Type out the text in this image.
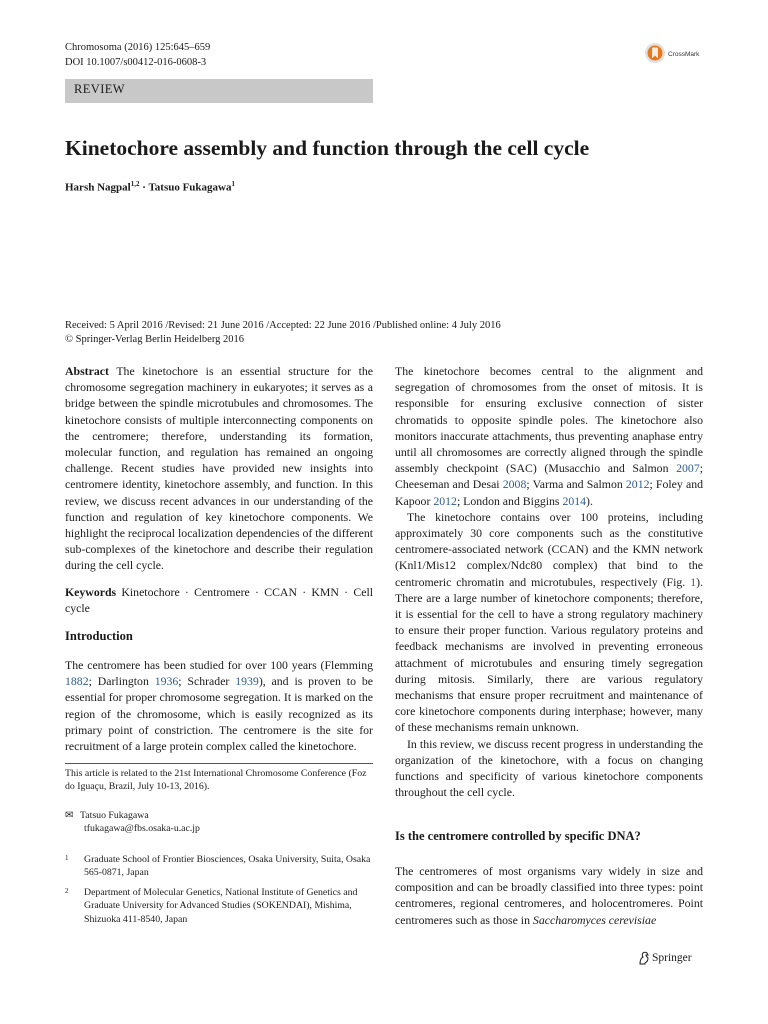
Chromosoma (2016) 125:645–659
DOI 10.1007/s00412-016-0608-3
CrossMark
REVIEW
Kinetochore assembly and function through the cell cycle
Harsh Nagpal$^{1,2}$ · Tatsuo Fukagawa$^1$
Received: 5 April 2016 /Revised: 21 June 2016 /Accepted: 22 June 2016 /Published online: 4 July 2016
© Springer-Verlag Berlin Heidelberg 2016

Abstract The kinetochore is an essential structure for the chromosome segregation machinery in eukaryotes; it serves as a bridge between the spindle microtubules and chromosomes. The kinetochore consists of multiple interconnecting components on the centromere; therefore, understanding its formation, molecular function, and regulation has remained an ongoing challenge. Recent studies have provided new insights into centromere identity, kinetochore assembly, and function. In this review, we discuss recent advances in our understanding of the function and regulation of key kinetochore components. We highlight the reciprocal localization dependencies of the different sub-complexes of the kinetochore and describe their regulation during the cell cycle.

Keywords Kinetochore · Centromere · CCAN · KMN · Cell cycle

Introduction

The centromere has been studied for over 100 years (Flemming 1882; Darlington 1936; Schrader 1939), and is proven to be essential for proper chromosome segregation. It is marked on the region of the chromosome, which is easily recognized as its primary point of constriction. The centromere is the site for recruitment of a large protein complex called the kinetochore.

This article is related to the 21st International Chromosome Conference (Foz do Iguaçu, Brazil, July 10-13, 2016).
✉ Tatsuo Fukagawa
tfukagawa@fbs.osaka-u.ac.jp
1	Graduate School of Frontier Biosciences, Osaka University, Suita, Osaka 565-0871, Japan
2	Department of Molecular Genetics, National Institute of Genetics and Graduate University for Advanced Studies (SOKENDAI), Mishima, Shizuoka 411-8540, Japan

The kinetochore becomes central to the alignment and segregation of chromosomes from the onset of mitosis. It is responsible for ensuring exclusive connection of sister chromatids to opposite spindle poles. The kinetochore also monitors inaccurate attachments, thus preventing anaphase entry until all chromosomes are correctly aligned through the spindle assembly checkpoint (SAC) (Musacchio and Salmon 2007; Cheeseman and Desai 2008; Varma and Salmon 2012; Foley and Kapoor 2012; London and Biggins 2014).

The kinetochore contains over 100 proteins, including approximately 30 core components such as the constitutive centromere-associated network (CCAN) and the KMN network (Knl1/Mis12 complex/Ndc80 complex) that bind to the centromeric chromatin and microtubules, respectively (Fig. 1). There are a large number of kinetochore components; therefore, it is essential for the cell to have a strong regulatory machinery to ensure their proper function. Various regulatory proteins and feedback mechanisms are involved in preventing erroneous attachment of microtubules and ensuring timely segregation during mitosis. Similarly, there are various regulatory mechanisms that ensure proper recruitment and maintenance of core kinetochore components during interphase; however, many of these mechanisms remain unknown.

In this review, we discuss recent progress in understanding the organization of the kinetochore, with a focus on changing functions and specificity of various kinetochore components throughout the cell cycle.

Is the centromere controlled by specific DNA?

The centromeres of most organisms vary widely in size and composition and can be broadly classified into three types: point centromeres, regional centromeres, and holocentromeres. Point centromeres such as those in Saccharomyces cerevisiae

Springer
